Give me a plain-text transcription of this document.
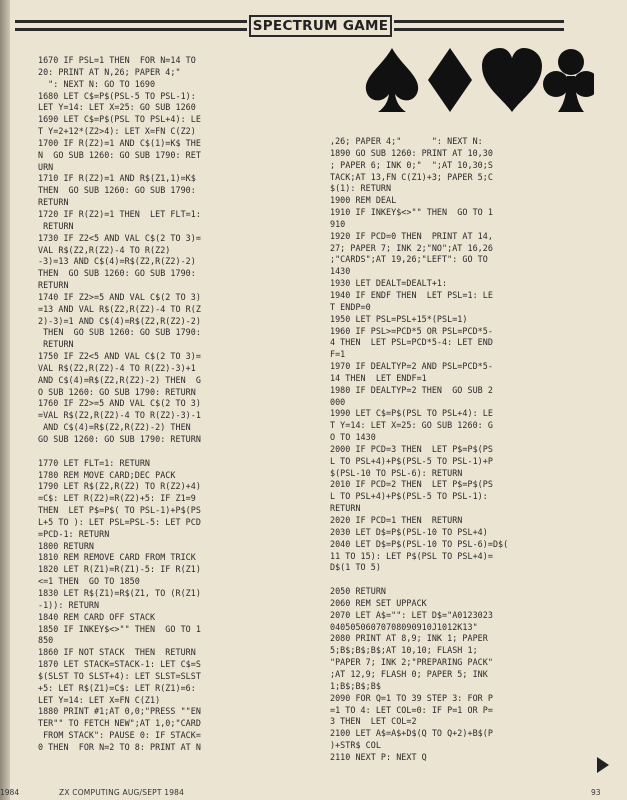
SPECTRUM GAME
1670 IF PSL=1 THEN  FOR N=14 TO
20: PRINT AT N,26; PAPER 4;"
": NEXT N: GO TO 1690
1680 LET C$=P$(PSL-5 TO PSL-1):
LET Y=14: LET X=25: GO SUB 1260
1690 LET C$=P$(PSL TO PSL+4): LE
T Y=2+12*(Z2>4): LET X=FN C(Z2)
1700 IF R(Z2)=1 AND C$(1)=K$ THE
N  GO SUB 1260: GO SUB 1790: RET
URN
1710 IF R(Z2)=1 AND R$(Z1,1)=K$
THEN  GO SUB 1260: GO SUB 1790:
RETURN
1720 IF R(Z2)=1 THEN  LET FLT=1:
RETURN
1730 IF Z2<5 AND VAL C$(2 TO 3)=
VAL R$(Z2,R(Z2)-4 TO R(Z2)
-3)=13 AND C$(4)=R$(Z2,R(Z2)-2)
THEN  GO SUB 1260: GO SUB 1790:
RETURN
1740 IF Z2>=5 AND VAL C$(2 TO 3)
=13 AND VAL R$(Z2,R(Z2)-4 TO R(Z
2)-3)=1 AND C$(4)=R$(Z2,R(Z2)-2)
THEN  GO SUB 1260: GO SUB 1790:
RETURN
1750 IF Z2<5 AND VAL C$(2 TO 3)=
VAL R$(Z2,R(Z2)-4 TO R(Z2)-3)+1
AND C$(4)=R$(Z2,R(Z2)-2) THEN  G
O SUB 1260: GO SUB 1790: RETURN
1760 IF Z2>=5 AND VAL C$(2 TO 3)
=VAL R$(Z2,R(Z2)-4 TO R(Z2)-3)-1
AND C$(4)=R$(Z2,R(Z2)-2) THEN
GO SUB 1260: GO SUB 1790: RETURN
1770 LET FLT=1: RETURN
1780 REM MOVE CARD;DEC PACK
1790 LET R$(Z2,R(Z2) TO R(Z2)+4)
=C$: LET R(Z2)=R(Z2)+5: IF Z1=9
THEN  LET P$=P$( TO PSL-1)+P$(PS
L+5 TO ): LET PSL=PSL-5: LET PCD
=PCD-1: RETURN
1800 RETURN
1810 REM REMOVE CARD FROM TRICK
1820 LET R(Z1)=R(Z1)-5: IF R(Z1)
<=1 THEN  GO TO 1850
1830 LET R$(Z1)=R$(Z1, TO (R(Z1)
-1)): RETURN
1840 REM CARD OFF STACK
1850 IF INKEY$<>"" THEN  GO TO 1
850
1860 IF NOT STACK  THEN  RETURN
1870 LET STACK=STACK-1: LET C$=S
$(SLST TO SLST+4): LET SLST=SLST
+5: LET R$(Z1)=C$: LET R(Z1)=6:
LET Y=14: LET X=FN C(Z1)
1880 PRINT #1;AT 0,0;"PRESS ""EN
TER"" TO FETCH NEW";AT 1,0;"CARD
FROM STACK": PAUSE 0: IF STACK=
0 THEN  FOR N=2 TO 8: PRINT AT N
,26; PAPER 4;"      ": NEXT N:
1890 GO SUB 1260: PRINT AT 10,30
; PAPER 6; INK 0;"  ";AT 10,30;S
TACK;AT 13,FN C(Z1)+3; PAPER 5;C
$(1): RETURN
1900 REM DEAL
1910 IF INKEY$<>"" THEN  GO TO 1
910
1920 IF PCD=0 THEN  PRINT AT 14,
27; PAPER 7; INK 2;"NO";AT 16,26
;"CARDS";AT 19,26;"LEFT": GO TO
1430
1930 LET DEALT=DEALT+1:
1940 IF ENDF THEN  LET PSL=1: LE
T ENDP=0
1950 LET PSL=PSL+15*(PSL=1)
1960 IF PSL>=PCD*5 OR PSL=PCD*5-
4 THEN  LET PSL=PCD*5-4: LET END
F=1
1970 IF DEALTYP=2 AND PSL=PCD*5-
14 THEN  LET ENDF=1
1980 IF DEALTYP=2 THEN  GO SUB 2
000
1990 LET C$=P$(PSL TO PSL+4): LE
T Y=14: LET X=25: GO SUB 1260: G
O TO 1430
2000 IF PCD=3 THEN  LET P$=P$(PS
L TO PSL+4)+P$(PSL-5 TO PSL-1)+P
$(PSL-10 TO PSL-6): RETURN
2010 IF PCD=2 THEN  LET P$=P$(PS
L TO PSL+4)+P$(PSL-5 TO PSL-1):
RETURN
2020 IF PCD=1 THEN  RETURN
2030 LET D$=P$(PSL-10 TO PSL+4)
2040 LET D$=P$(PSL-10 TO PSL-6)=D$(
11 TO 15): LET P$(PSL TO PSL+4)=
D$(1 TO 5)
2050 RETURN
2060 REM SET UPPACK
2070 LET A$="": LET D$="A0123023
04050506070708090910J1012K13"
2080 PRINT AT 8,9; INK 1; PAPER
5;B$;B$;B$;AT 10,10; FLASH 1;
"PAPER 7; INK 2;"PREPARING PACK"
;AT 12,9; FLASH 0; PAPER 5; INK
1;B$;B$;B$
2090 FOR Q=1 TO 39 STEP 3: FOR P
=1 TO 4: LET COL=0: IF P=1 OR P=
3 THEN  LET COL=2
2100 LET A$=A$+D$(Q TO Q+2)+B$(P
)+STR$ COL
2110 NEXT P: NEXT Q
1984	ZX COMPUTING AUG/SEPT 1984	93
